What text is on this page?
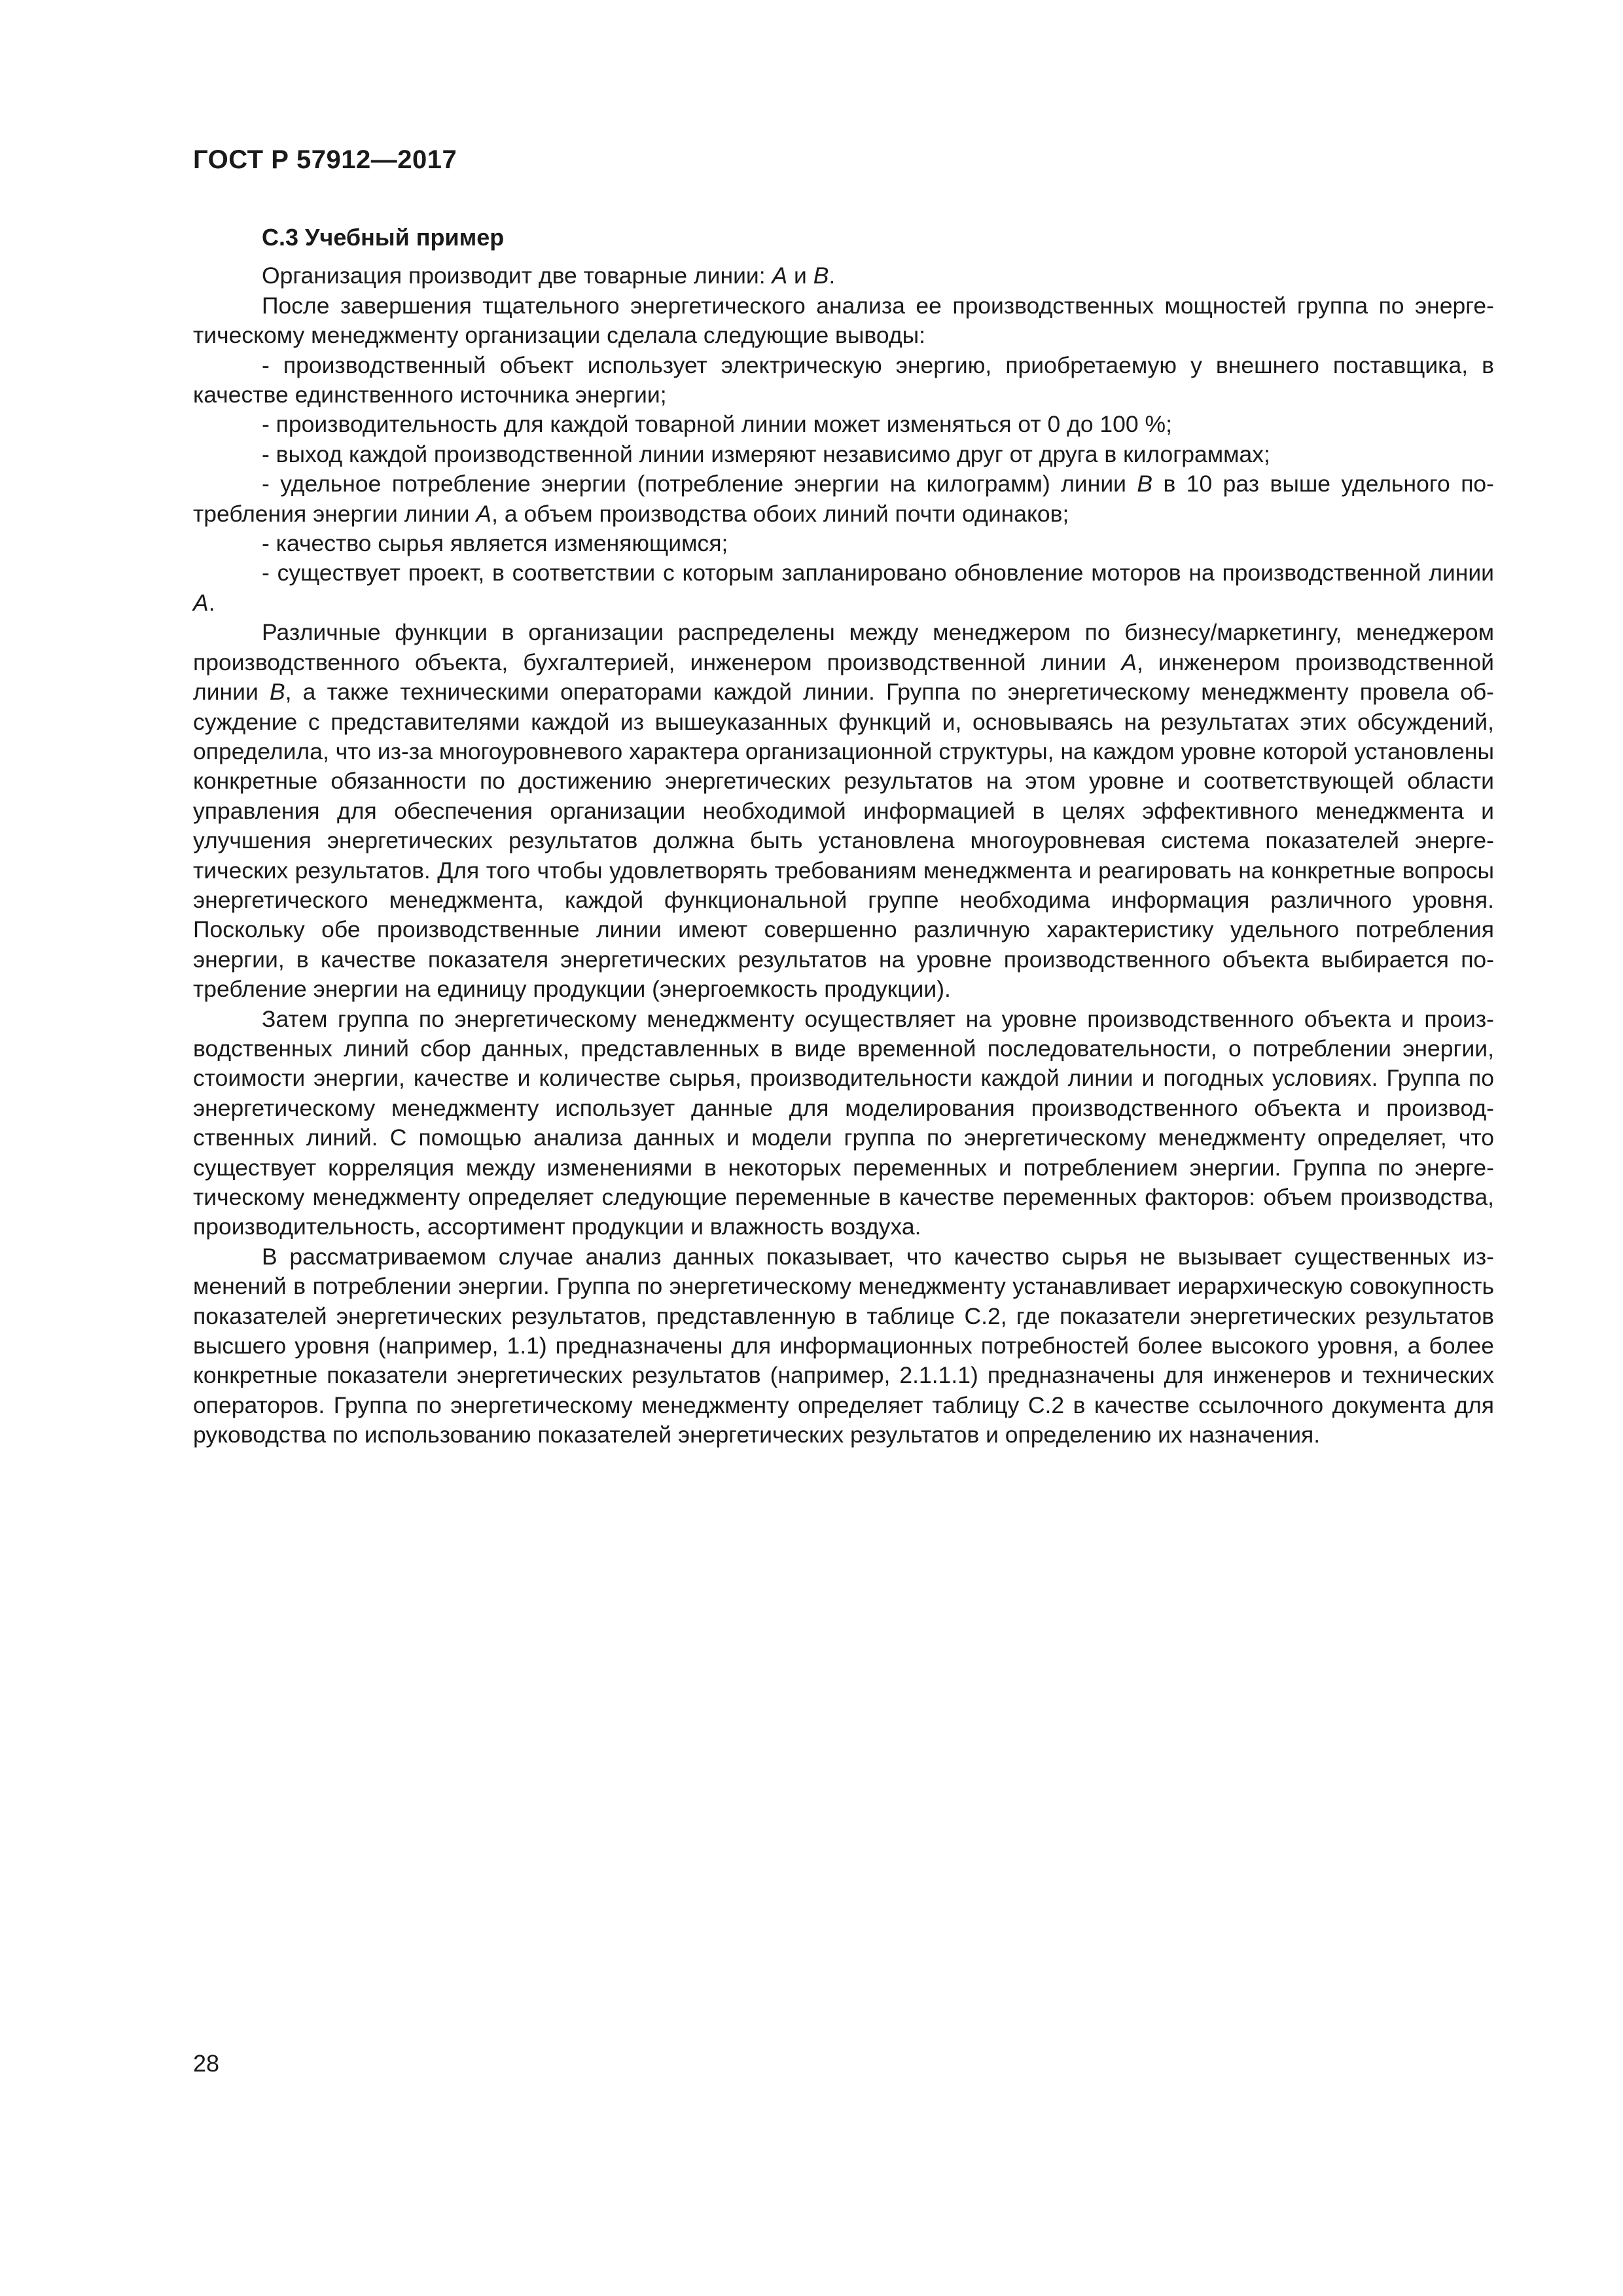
ГОСТ Р 57912—2017
С.3 Учебный пример

Организация производит две товарные линии: А и В.

После завершения тщательного энергетического анализа ее производственных мощностей группа по энергетическому менеджменту организации сделала следующие выводы:

- производственный объект использует электрическую энергию, приобретаемую у внешнего поставщика, в качестве единственного источника энергии;

- производительность для каждой товарной линии может изменяться от 0 до 100 %;

- выход каждой производственной линии измеряют независимо друг от друга в килограммах;

- удельное потребление энергии (потребление энергии на килограмм) линии В в 10 раз выше удельного потребления энергии линии А, а объем производства обоих линий почти одинаков;

- качество сырья является изменяющимся;

- существует проект, в соответствии с которым запланировано обновление моторов на производственной линии А.

Различные функции в организации распределены между менеджером по бизнесу/маркетингу, менеджером производственного объекта, бухгалтерией, инженером производственной линии А, инженером производственной линии В, а также техническими операторами каждой линии. Группа по энергетическому менеджменту провела обсуждение с представителями каждой из вышеуказанных функций и, основываясь на результатах этих обсуждений, определила, что из-за многоуровневого характера организационной структуры, на каждом уровне которой установлены конкретные обязанности по достижению энергетических результатов на этом уровне и соответствующей области управления для обеспечения организации необходимой информацией в целях эффективного менеджмента и улучшения энергетических результатов должна быть установлена многоуровневая система показателей энергетических результатов. Для того чтобы удовлетворять требованиям менеджмента и реагировать на конкретные вопросы энергетического менеджмента, каждой функциональной группе необходима информация различного уровня. Поскольку обе производственные линии имеют совершенно различную характеристику удельного потребления энергии, в качестве показателя энергетических результатов на уровне производственного объекта выбирается потребление энергии на единицу продукции (энергоемкость продукции).

Затем группа по энергетическому менеджменту осуществляет на уровне производственного объекта и производственных линий сбор данных, представленных в виде временной последовательности, о потреблении энергии, стоимости энергии, качестве и количестве сырья, производительности каждой линии и погодных условиях. Группа по энергетическому менеджменту использует данные для моделирования производственного объекта и производственных линий. С помощью анализа данных и модели группа по энергетическому менеджменту определяет, что существует корреляция между изменениями в некоторых переменных и потреблением энергии. Группа по энергетическому менеджменту определяет следующие переменные в качестве переменных факторов: объем производства, производительность, ассортимент продукции и влажность воздуха.

В рассматриваемом случае анализ данных показывает, что качество сырья не вызывает существенных изменений в потреблении энергии. Группа по энергетическому менеджменту устанавливает иерархическую совокупность показателей энергетических результатов, представленную в таблице С.2, где показатели энергетических результатов высшего уровня (например, 1.1) предназначены для информационных потребностей более высокого уровня, а более конкретные показатели энергетических результатов (например, 2.1.1.1) предназначены для инженеров и технических операторов. Группа по энергетическому менеджменту определяет таблицу С.2 в качестве ссылочного документа для руководства по использованию показателей энергетических результатов и определению их назначения.

28
